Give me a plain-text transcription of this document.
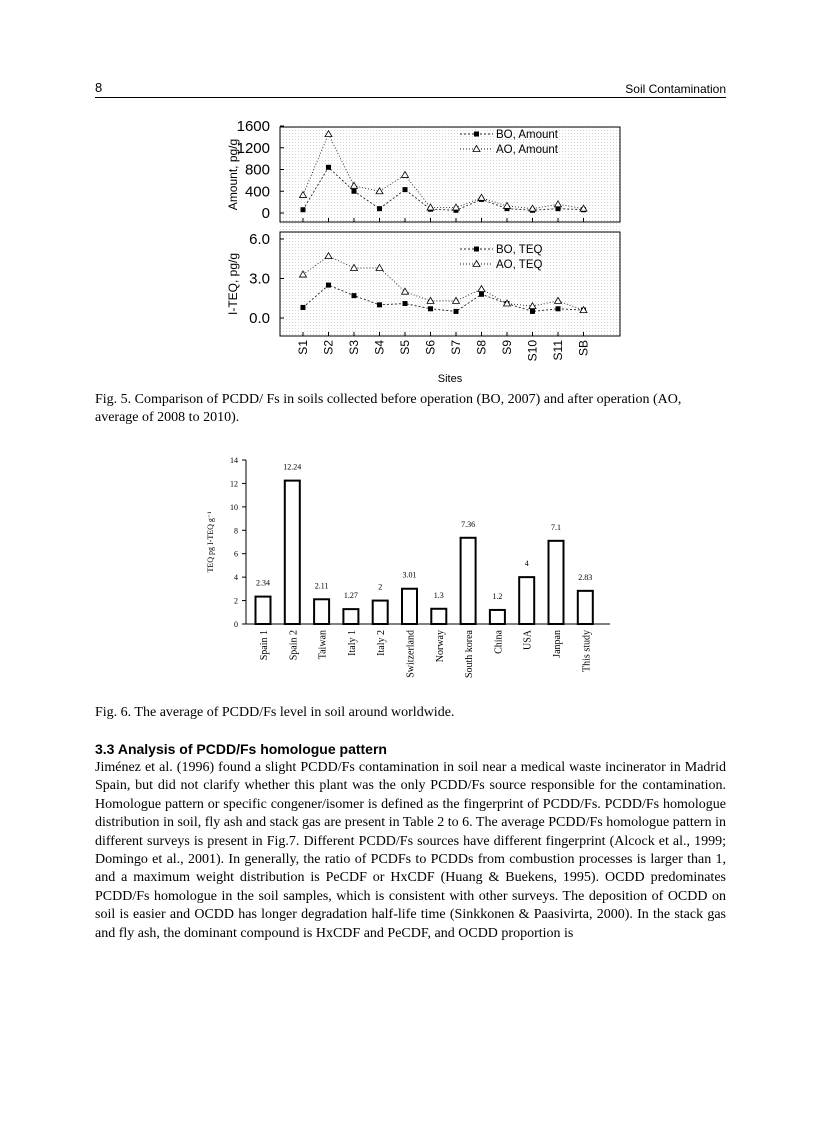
8	Soil Contamination
0
400
800
1200
1600
Amount, pg/g
BO, Amount
AO, Amount
0.0
3.0
6.0
I-TEQ, pg/g
BO, TEQ
AO, TEQ
S1 S2 S3 S4 S5 S6 S7 S8 S9 S10 S11 SB
Sites

Fig. 5. Comparison of PCDD/ Fs in soils collected before operation (BO, 2007) and after operation (AO, average of 2008 to 2010).

0
2
4
6
8
10
12
14
TEQ pg I-TEQ g⁻¹
2.34
Spain 1
12.24
Spain 2
2.11
Taiwan
1.27
Italy 1
2
Italy 2
3.01
Switzerland
1.3
Norway
7.36
South korea
1.2
China
4
USA
7.1
Janpan
2.83
This study

Fig. 6. The average of PCDD/Fs level in soil around worldwide.

3.3 Analysis of PCDD/Fs homologue pattern

Jiménez et al. (1996) found a slight PCDD/Fs contamination in soil near a medical waste incinerator in Madrid Spain, but did not clarify whether this plant was the only PCDD/Fs source responsible for the contamination. Homologue pattern or specific congener/isomer is defined as the fingerprint of PCDD/Fs. PCDD/Fs homologue distribution in soil, fly ash and stack gas are present in Table 2 to 6. The average PCDD/Fs homologue pattern in different surveys is present in Fig.7. Different PCDD/Fs sources have different fingerprint (Alcock et al., 1999; Domingo et al., 2001). In generally, the ratio of PCDFs to PCDDs from combustion processes is larger than 1, and a maximum weight distribution is PeCDF or HxCDF (Huang & Buekens, 1995). OCDD predominates PCDD/Fs homologue in the soil samples, which is consistent with other surveys. The deposition of OCDD on soil is easier and OCDD has longer degradation half-life time (Sinkkonen & Paasivirta, 2000). In the stack gas and fly ash, the dominant compound is HxCDF and PeCDF, and OCDD proportion is
